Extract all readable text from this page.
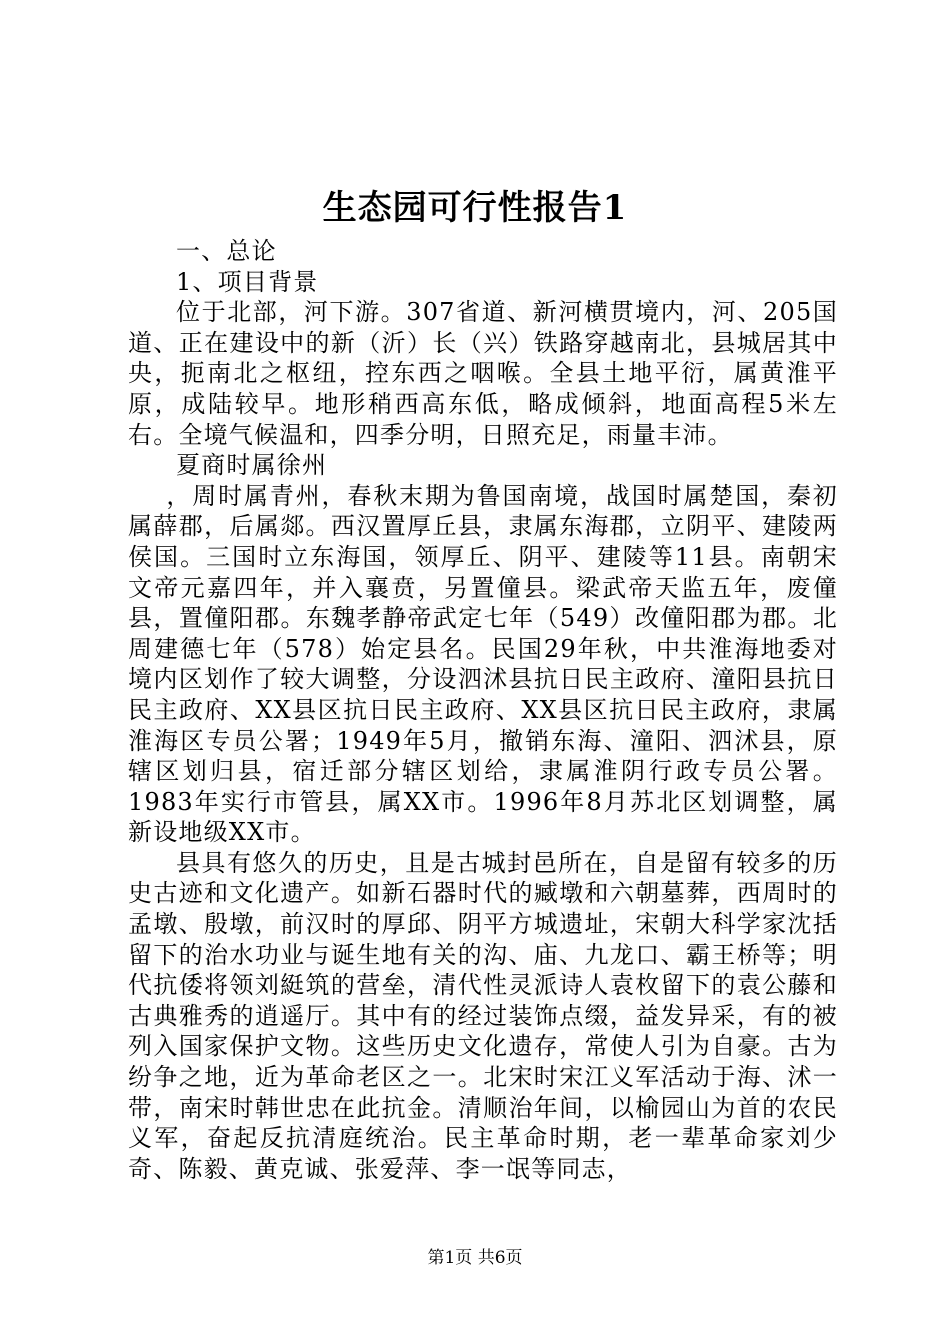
生态园可行性报告1

一、总论

1、项目背景

位于北部，河下游。307省道、新河横贯境内，河、205国道、正在建设中的新（沂）长（兴）铁路穿越南北，县城居其中央，扼南北之枢纽，控东西之咽喉。全县土地平衍，属黄淮平原，成陆较早。地形稍西高东低，略成倾斜，地面高程5米左右。全境气候温和，四季分明，日照充足，雨量丰沛。

夏商时属徐州

，周时属青州，春秋末期为鲁国南境，战国时属楚国，秦初属薛郡，后属郯。西汉置厚丘县，隶属东海郡，立阴平、建陵两侯国。三国时立东海国，领厚丘、阴平、建陵等11县。南朝宋文帝元嘉四年，并入襄贲，另置僮县。梁武帝天监五年，废僮县，置僮阳郡。东魏孝静帝武定七年（549）改僮阳郡为郡。北周建德七年（578）始定县名。民国29年秋，中共淮海地委对境内区划作了较大调整，分设泗沭县抗日民主政府、潼阳县抗日民主政府、XX县区抗日民主政府、XX县区抗日民主政府，隶属淮海区专员公署；1949年5月，撤销东海、潼阳、泗沭县，原辖区划归县，宿迁部分辖区划给，隶属淮阴行政专员公署。1983年实行市管县，属XX市。1996年8月苏北区划调整，属新设地级XX市。

县具有悠久的历史，且是古城封邑所在，自是留有较多的历史古迹和文化遗产。如新石器时代的臧墩和六朝墓葬，西周时的孟墩、殷墩，前汉时的厚邱、阴平方城遗址，宋朝大科学家沈括留下的治水功业与诞生地有关的沟、庙、九龙口、霸王桥等；明代抗倭将领刘綎筑的营垒，清代性灵派诗人袁枚留下的袁公藤和古典雅秀的逍遥厅。其中有的经过装饰点缀，益发异采，有的被列入国家保护文物。这些历史文化遗存，常使人引为自豪。古为纷争之地，近为革命老区之一。北宋时宋江义军活动于海、沭一带，南宋时韩世忠在此抗金。清顺治年间，以榆园山为首的农民义军，奋起反抗清庭统治。民主革命时期，老一辈革命家刘少奇、陈毅、黄克诚、张爱萍、李一氓等同志，

第1页 共6页
